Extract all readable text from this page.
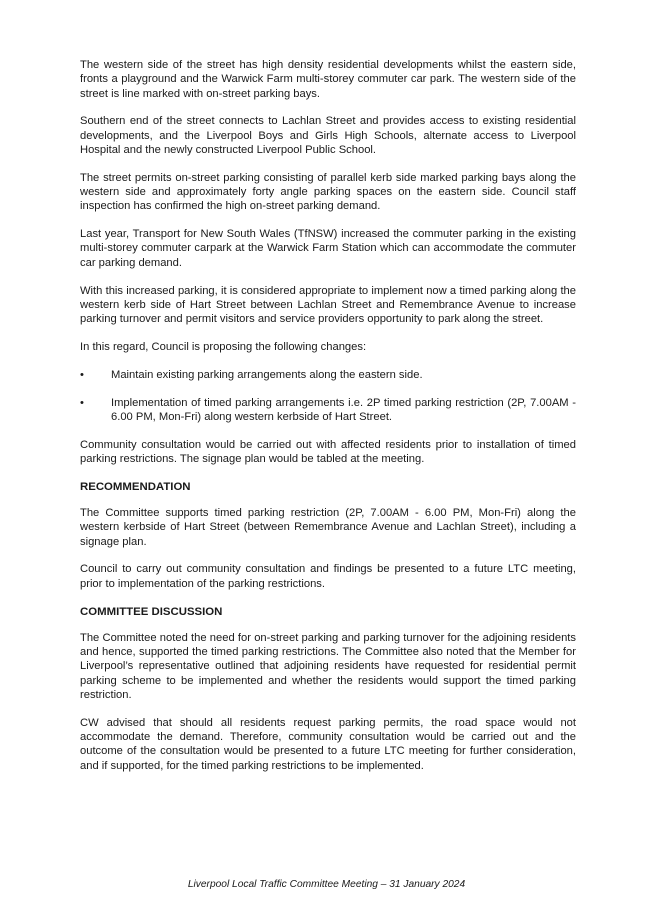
The western side of the street has high density residential developments whilst the eastern side, fronts a playground and the Warwick Farm multi-storey commuter car park. The western side of the street is line marked with on-street parking bays.

Southern end of the street connects to Lachlan Street and provides access to existing residential developments, and the Liverpool Boys and Girls High Schools, alternate access to Liverpool Hospital and the newly constructed Liverpool Public School.

The street permits on-street parking consisting of parallel kerb side marked parking bays along the western side and approximately forty angle parking spaces on the eastern side. Council staff inspection has confirmed the high on-street parking demand.

Last year, Transport for New South Wales (TfNSW) increased the commuter parking in the existing multi-storey commuter carpark at the Warwick Farm Station which can accommodate the commuter car parking demand.

With this increased parking, it is considered appropriate to implement now a timed parking along the western kerb side of Hart Street between Lachlan Street and Remembrance Avenue to increase parking turnover and permit visitors and service providers opportunity to park along the street.

In this regard, Council is proposing the following changes:

• Maintain existing parking arrangements along the eastern side.

• Implementation of timed parking arrangements i.e. 2P timed parking restriction (2P, 7.00AM - 6.00 PM, Mon-Fri) along western kerbside of Hart Street.

Community consultation would be carried out with affected residents prior to installation of timed parking restrictions. The signage plan would be tabled at the meeting.

RECOMMENDATION

The Committee supports timed parking restriction (2P, 7.00AM - 6.00 PM, Mon-Fri) along the western kerbside of Hart Street (between Remembrance Avenue and Lachlan Street), including a signage plan.

Council to carry out community consultation and findings be presented to a future LTC meeting, prior to implementation of the parking restrictions.

COMMITTEE DISCUSSION

The Committee noted the need for on-street parking and parking turnover for the adjoining residents and hence, supported the timed parking restrictions. The Committee also noted that the Member for Liverpool’s representative outlined that adjoining residents have requested for residential permit parking scheme to be implemented and whether the residents would support the timed parking restriction.

CW advised that should all residents request parking permits, the road space would not accommodate the demand. Therefore, community consultation would be carried out and the outcome of the consultation would be presented to a future LTC meeting for further consideration, and if supported, for the timed parking restrictions to be implemented.

Liverpool Local Traffic Committee Meeting – 31 January 2024
